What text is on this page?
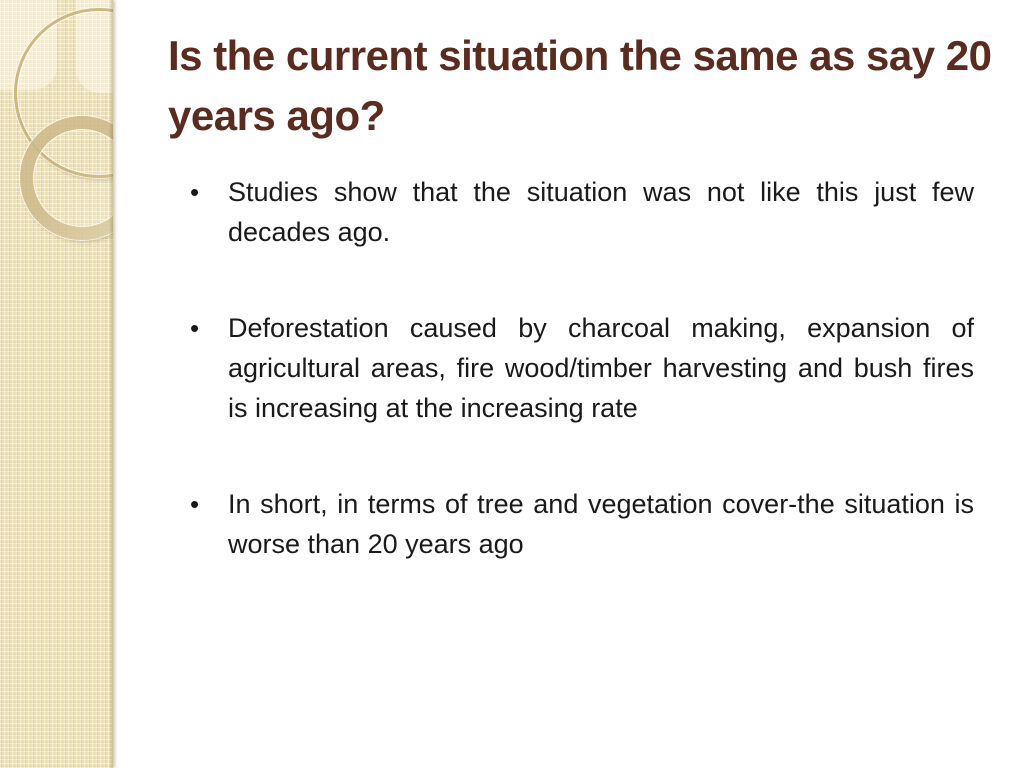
Is the current situation the same as say 20 years ago?
•	Studies show that the situation was not like this just few decades ago.

•	Deforestation caused by charcoal making, expansion of agricultural areas, fire wood/timber harvesting and bush fires is increasing at the increasing rate

•	In short, in terms of tree and vegetation cover-the situation is worse than 20 years ago
